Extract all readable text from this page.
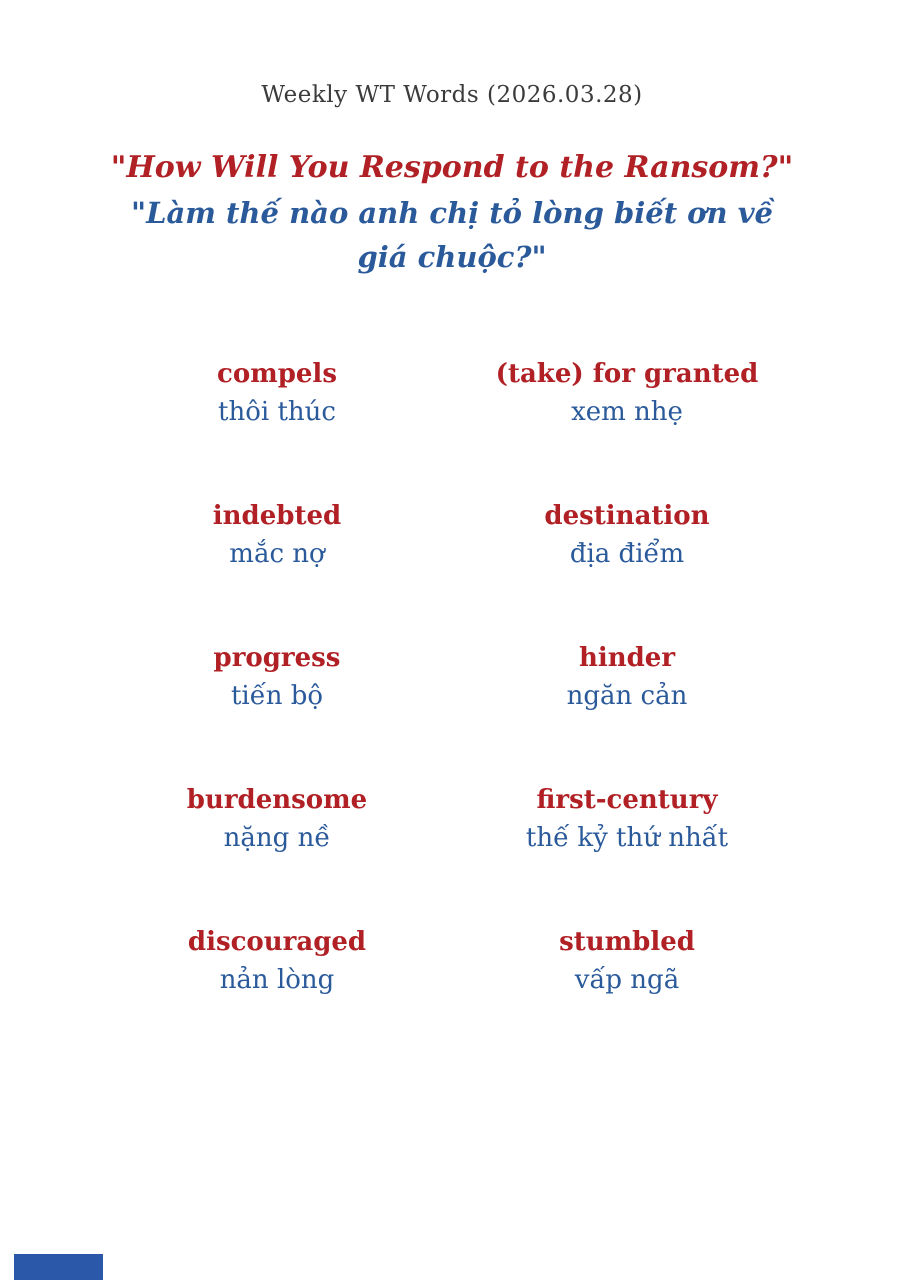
Weekly WT Words (2026.03.28)
"How Will You Respond to the Ransom?"
"Làm thế nào anh chị tỏ lòng biết ơn về giá chuộc?"
compels
thôi thúc
(take) for granted
xem nhẹ
indebted
mắc nợ
destination
địa điểm
progress
tiến bộ
hinder
ngăn cản
burdensome
nặng nề
first-century
thế kỷ thứ nhất
discouraged
nản lòng
stumbled
vấp ngã
